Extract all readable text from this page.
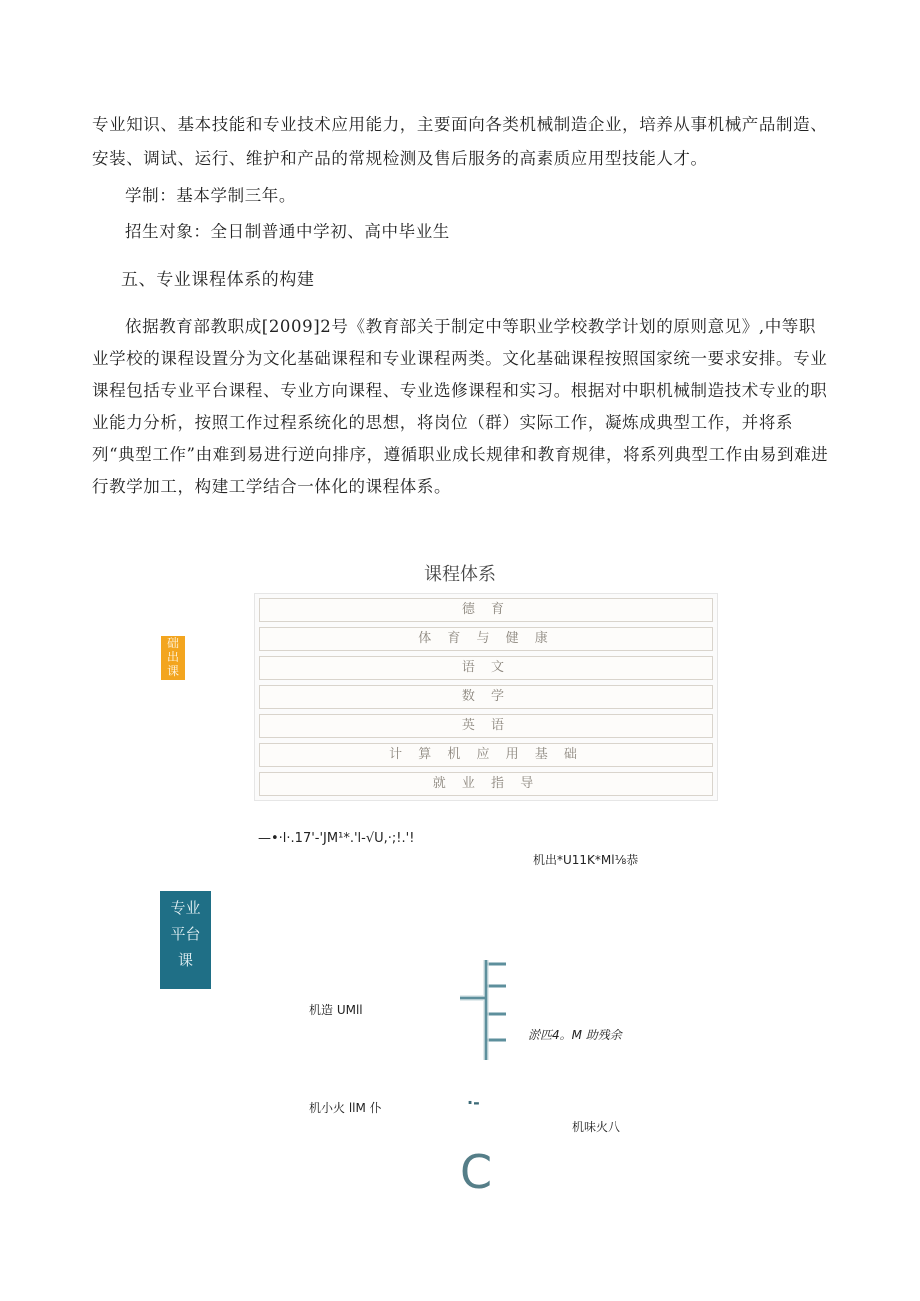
专业知识、基本技能和专业技术应用能力，主要面向各类机械制造企业，培养从事机械产品制造、
安装、调试、运行、维护和产品的常规检测及售后服务的高素质应用型技能人才。
学制：基本学制三年。
招生对象：全日制普通中学初、高中毕业生
五、专业课程体系的构建

依据教育部教职成[2009]2号《教育部关于制定中等职业学校教学计划的原则意见》,中等职业学校的课程设置分为文化基础课程和专业课程两类。文化基础课程按照国家统一要求安排。专业课程包括专业平台课程、专业方向课程、专业选修课程和实习。根据对中职机械制造技术专业的职业能力分析，按照工作过程系统化的思想，将岗位（群）实际工作，凝炼成典型工作，并将系列“典型工作”由难到易进行逆向排序，遵循职业成长规律和教育规律，将系列典型工作由易到难进行教学加工，构建工学结合一体化的课程体系。

课程体系
础
出
课
德 育
体 育 与 健 康
语 文
数 学
英 语
计 算 机 应 用 基 础
就 业 指 导
—•·l·.17'-'JM¹*.'l-√U,·;!.'!
机出*U11K*Ml⅛恭
专业
平台
课
机造 UMll
淤匹4。M 助残余
机小火 llM 仆	·-
机味火八
C
